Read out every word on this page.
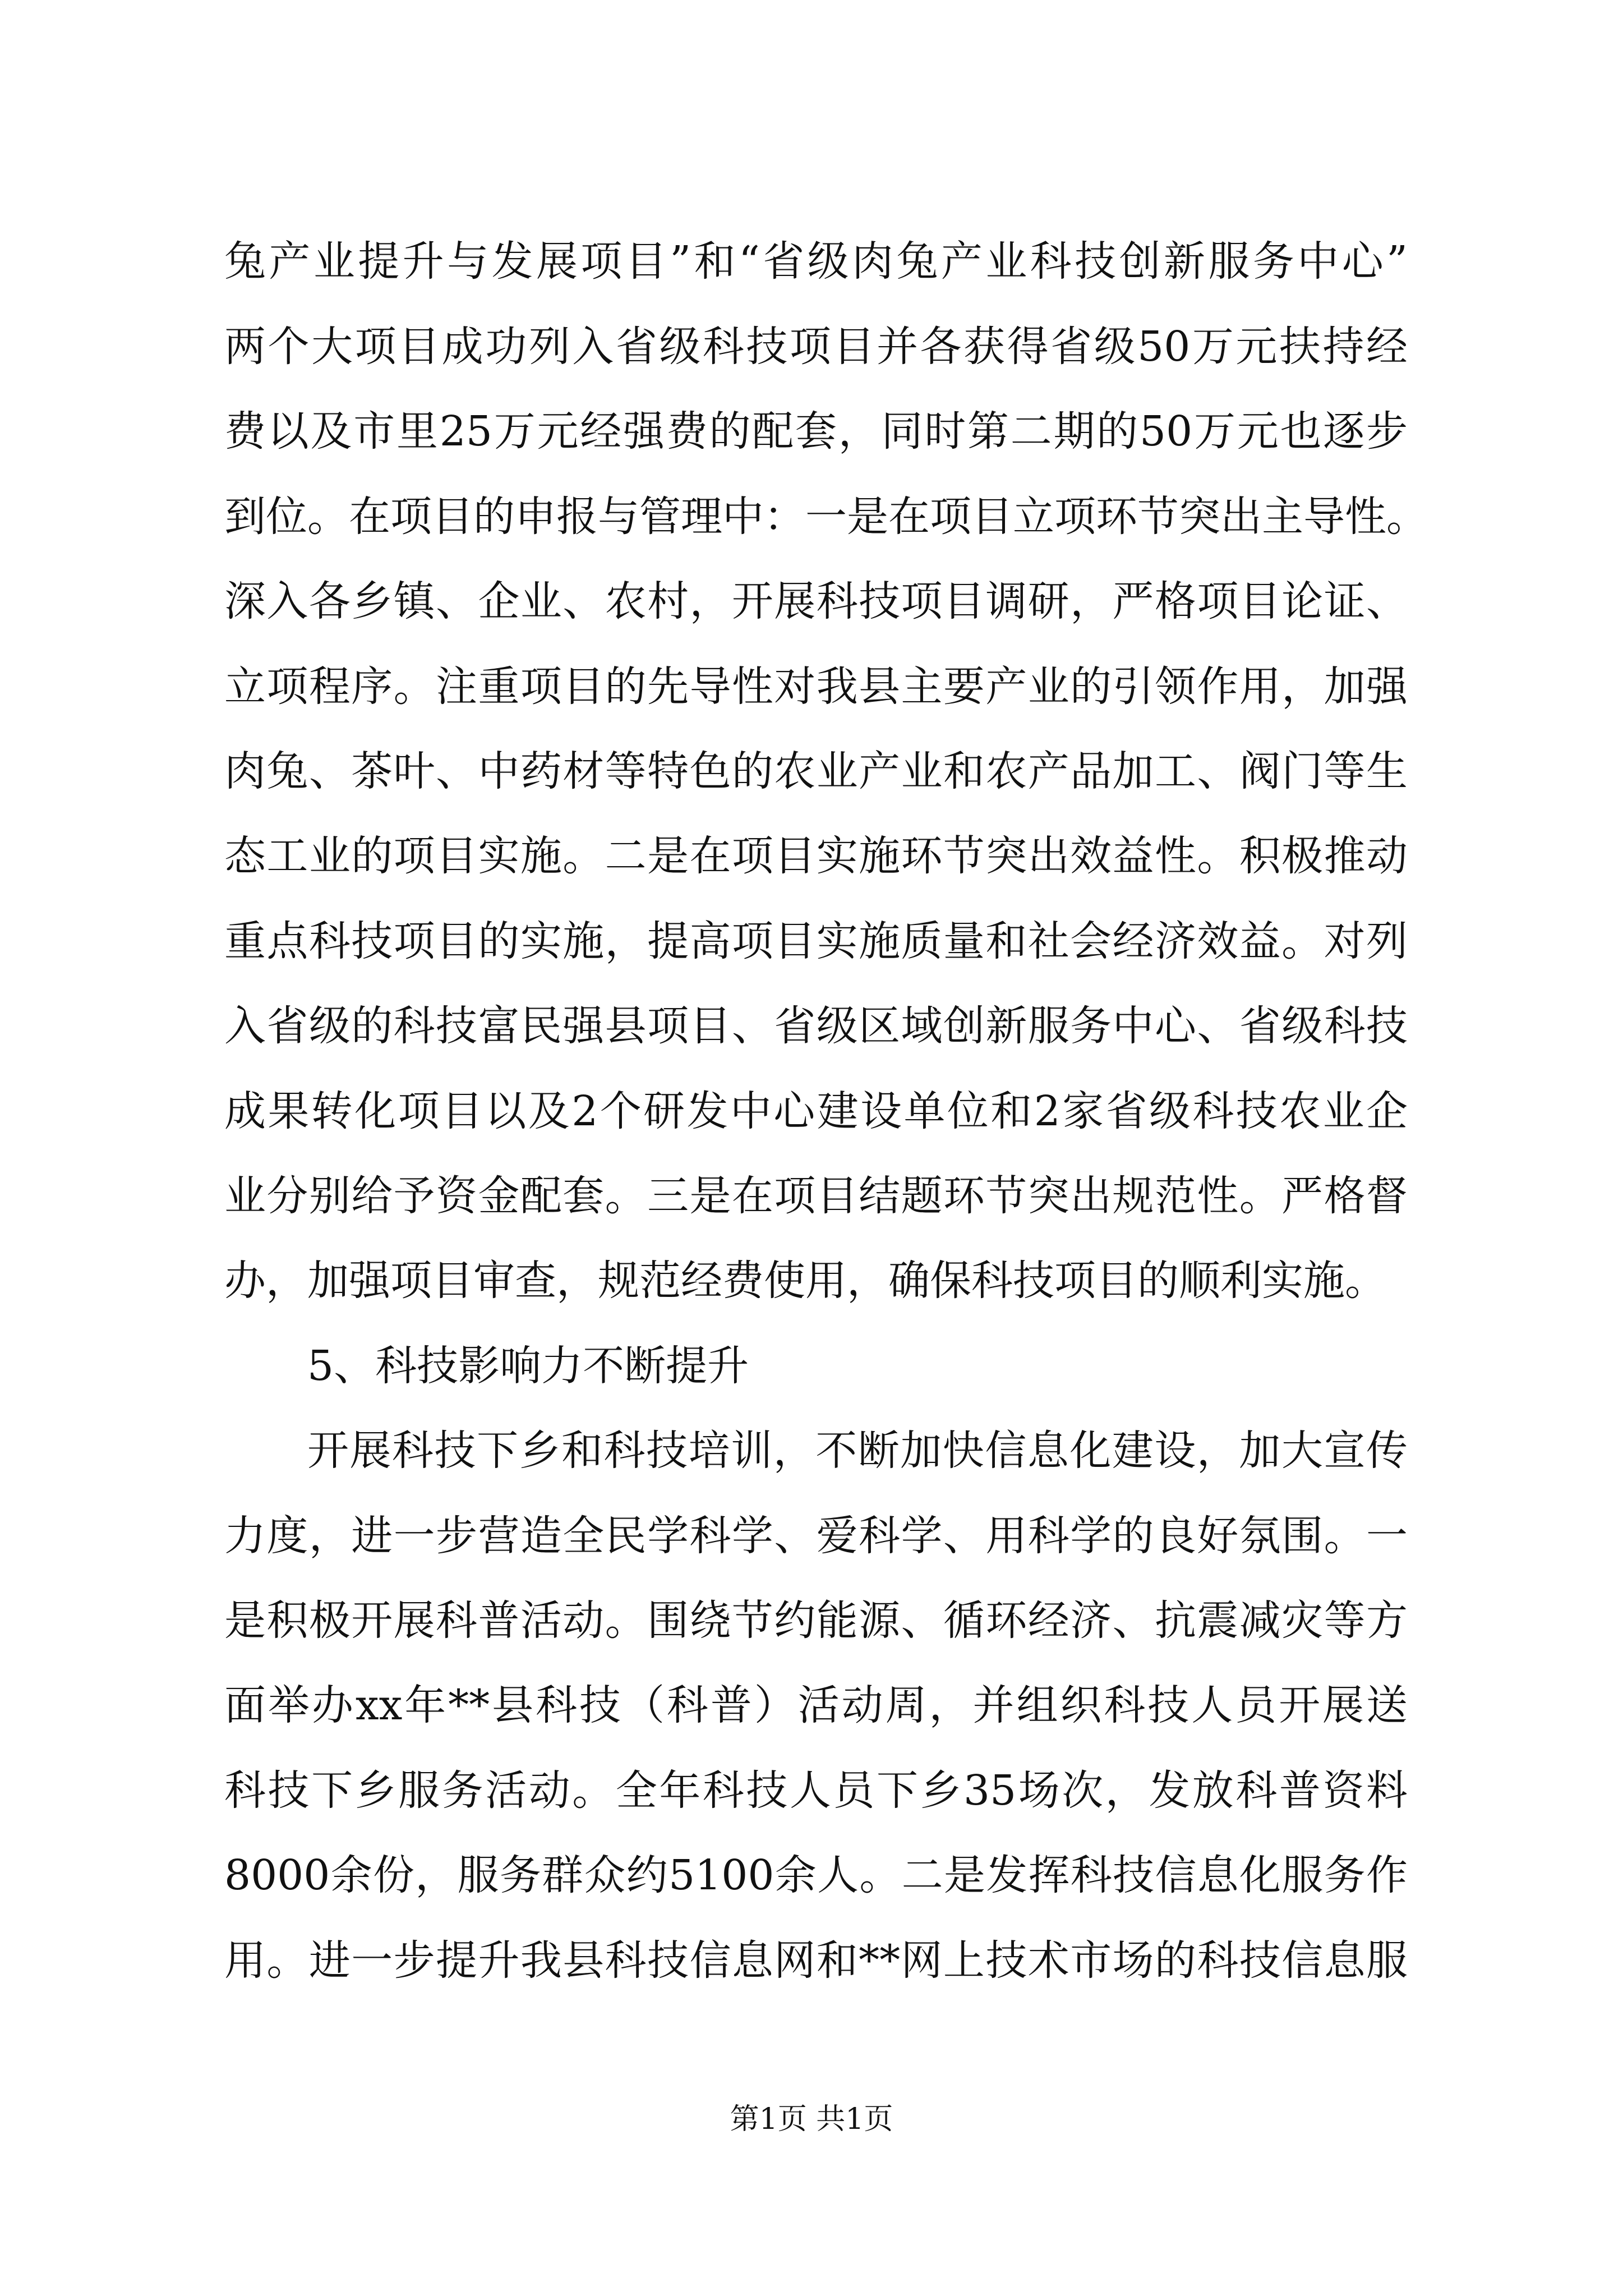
兔产业提升与发展项目”和“省级肉兔产业科技创新服务中心”
两个大项目成功列入省级科技项目并各获得省级50万元扶持经
费以及市里25万元经强费的配套，同时第二期的50万元也逐步
到位。在项目的申报与管理中：一是在项目立项环节突出主导性。
深入各乡镇、企业、农村，开展科技项目调研，严格项目论证、
立项程序。注重项目的先导性对我县主要产业的引领作用，加强
肉兔、茶叶、中药材等特色的农业产业和农产品加工、阀门等生
态工业的项目实施。二是在项目实施环节突出效益性。积极推动
重点科技项目的实施，提高项目实施质量和社会经济效益。对列
入省级的科技富民强县项目、省级区域创新服务中心、省级科技
成果转化项目以及2个研发中心建设单位和2家省级科技农业企
业分别给予资金配套。三是在项目结题环节突出规范性。严格督
办，加强项目审查，规范经费使用，确保科技项目的顺利实施。
5、科技影响力不断提升
开展科技下乡和科技培训，不断加快信息化建设，加大宣传
力度，进一步营造全民学科学、爱科学、用科学的良好氛围。一
是积极开展科普活动。围绕节约能源、循环经济、抗震减灾等方
面举办xx年**县科技（科普）活动周，并组织科技人员开展送
科技下乡服务活动。全年科技人员下乡35场次，发放科普资料
8000余份，服务群众约5100余人。二是发挥科技信息化服务作
用。进一步提升我县科技信息网和**网上技术市场的科技信息服
第1页 共1页
